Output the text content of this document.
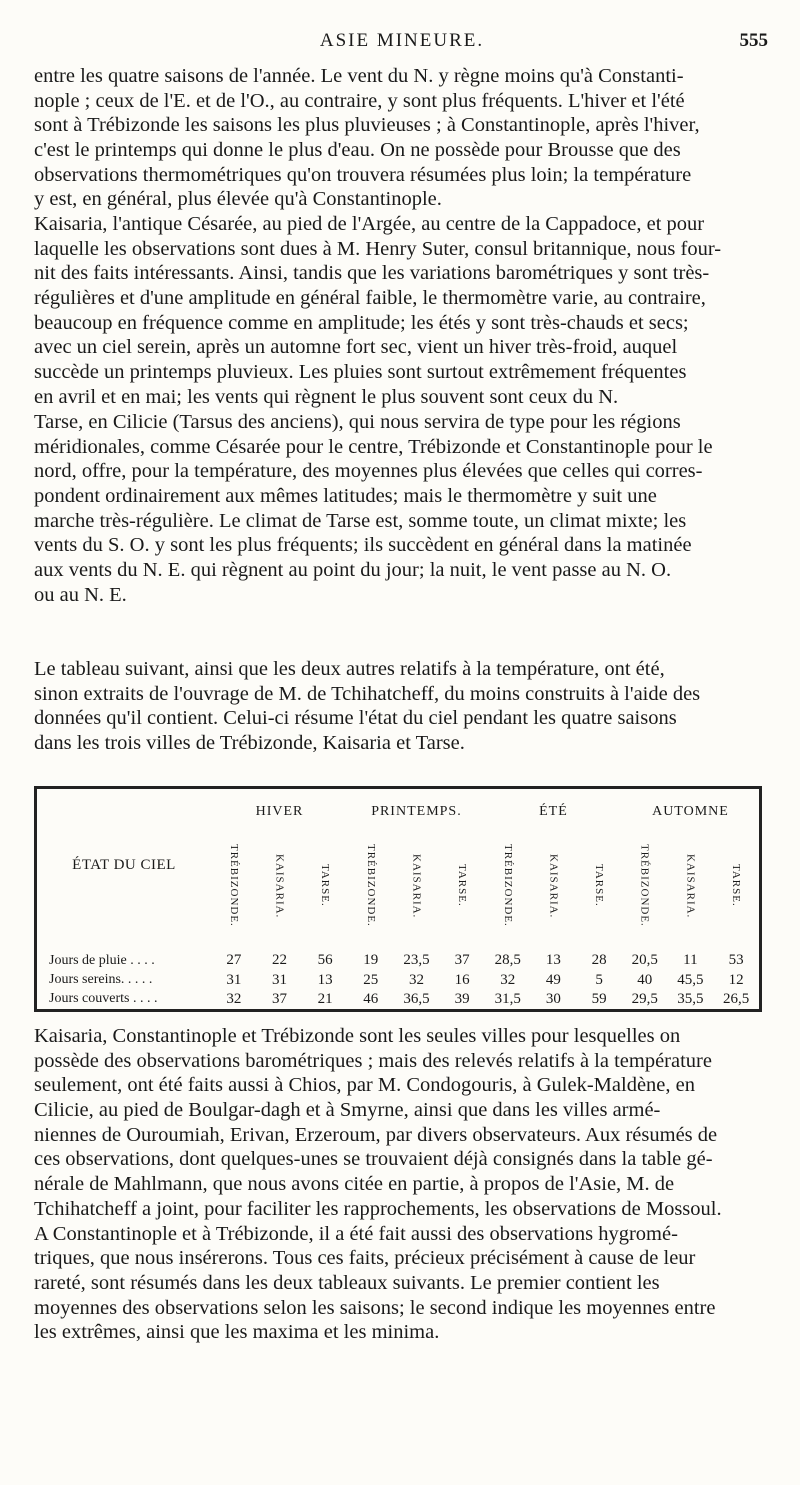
ASIE MINEURE.	555

entre les quatre saisons de l'année. Le vent du N. y règne moins qu'à Constanti-
nople ; ceux de l'E. et de l'O., au contraire, y sont plus fréquents. L'hiver et l'été
sont à Trébizonde les saisons les plus pluvieuses ; à Constantinople, après l'hiver,
c'est le printemps qui donne le plus d'eau. On ne possède pour Brousse que des
observations thermométriques qu'on trouvera résumées plus loin; la température
y est, en général, plus élevée qu'à Constantinople.

Kaisaria, l'antique Césarée, au pied de l'Argée, au centre de la Cappadoce, et pour
laquelle les observations sont dues à M. Henry Suter, consul britannique, nous four-
nit des faits intéressants. Ainsi, tandis que les variations barométriques y sont très-
régulières et d'une amplitude en général faible, le thermomètre varie, au contraire,
beaucoup en fréquence comme en amplitude; les étés y sont très-chauds et secs;
avec un ciel serein, après un automne fort sec, vient un hiver très-froid, auquel
succède un printemps pluvieux. Les pluies sont surtout extrêmement fréquentes
en avril et en mai; les vents qui règnent le plus souvent sont ceux du N.

Tarse, en Cilicie (Tarsus des anciens), qui nous servira de type pour les régions
méridionales, comme Césarée pour le centre, Trébizonde et Constantinople pour le
nord, offre, pour la température, des moyennes plus élevées que celles qui corres-
pondent ordinairement aux mêmes latitudes; mais le thermomètre y suit une
marche très-régulière. Le climat de Tarse est, somme toute, un climat mixte; les
vents du S. O. y sont les plus fréquents; ils succèdent en général dans la matinée
aux vents du N. E. qui règnent au point du jour; la nuit, le vent passe au N. O.
ou au N. E.

Le tableau suivant, ainsi que les deux autres relatifs à la température, ont été,
sinon extraits de l'ouvrage de M. de Tchihatcheff, du moins construits à l'aide des
données qu'il contient. Celui-ci résume l'état du ciel pendant les quatre saisons
dans les trois villes de Trébizonde, Kaisaria et Tarse.

ÉTAT DU CIEL	HIVER			PRINTEMPS.			ÉTÉ			AUTOMNE		
	TRÉBIZONDE.	KAISARIA.	TARSE.	TRÉBIZONDE.	KAISARIA.	TARSE.	TRÉBIZONDE.	KAISARIA.	TARSE.	TRÉBIZONDE.	KAISARIA.	TARSE.
Jours de pluie . . . .	27	22	56	19	23,5	37	28,5	13	28	20,5	11	53
Jours sereins. . . . .	31	31	13	25	32	16	32	49	5	40	45,5	12
Jours couverts . . . .	32	37	21	46	36,5	39	31,5	30	59	29,5	35,5	26,5

Kaisaria, Constantinople et Trébizonde sont les seules villes pour lesquelles on
possède des observations barométriques ; mais des relevés relatifs à la température
seulement, ont été faits aussi à Chios, par M. Condogouris, à Gulek-Maldène, en
Cilicie, au pied de Boulgar-dagh et à Smyrne, ainsi que dans les villes armé-
niennes de Ouroumiah, Erivan, Erzeroum, par divers observateurs. Aux résumés de
ces observations, dont quelques-unes se trouvaient déjà consignés dans la table gé-
nérale de Mahlmann, que nous avons citée en partie, à propos de l'Asie, M. de
Tchihatcheff a joint, pour faciliter les rapprochements, les observations de Mossoul.
A Constantinople et à Trébizonde, il a été fait aussi des observations hygromé-
triques, que nous insérerons. Tous ces faits, précieux précisément à cause de leur
rareté, sont résumés dans les deux tableaux suivants. Le premier contient les
moyennes des observations selon les saisons; le second indique les moyennes entre
les extrêmes, ainsi que les maxima et les minima.
